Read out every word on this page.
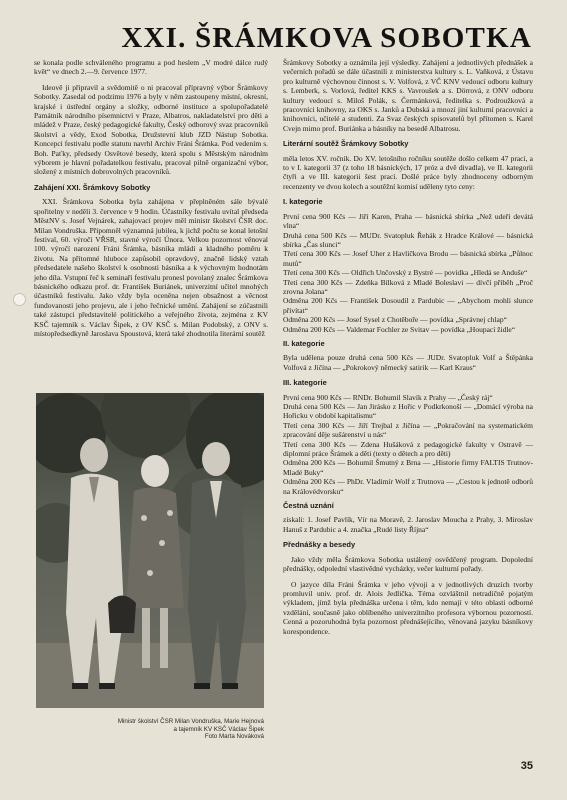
XXI. ŠRÁMKOVA SOBOTKA

se konala podle schváleného programu a pod heslem „V modré dálce rudý květ“ ve dnech 2.—9. července 1977.

Ideově ji připravil a svědomitě o ni pracoval přípravný výbor Šrámkovy Sobotky. Zasedal od podzimu 1976 a byly v něm zastoupeny místní, okresní, krajské i ústřední orgány a složky, odborné instituce a spolupořadatelé Památník národního písemnictví v Praze, Albatros, nakladatelství pro děti a mládež v Praze, český pedagogické fakulty, Český odborový svaz pracovníků školství a vědy, Exod Sobotka, Družstevní klub JZD Nástup Sobotka. Koncepci festivalu podle statutu navrhl Archiv Fráni Šrámka. Pod vedením s. Boh. Paťky, předsedy Osvětové besedy, která spolu s Městským národním výborem je hlavní pořadatelkou festivalu, pracoval pilně organizační výbor, složený z místních dobrovolných pracovníků.

Zahájení XXI. Šrámkovy Sobotky

XXI. Šrámkova Sobotka byla zahájena v přeplněném sále bývalé spořitelny v neděli 3. července v 9 hodin. Účastníky festivalu uvítal předseda MěstNV s. Josef Vejnárek, zahajovací projev měl ministr školství ČSR doc. Milan Vondruška. Připomněl významná jubilea, k jichž počtu se konal letošní festival, 60. výročí VŘSR, stavné výročí Února. Velkou pozornost věnoval 100. výročí narození Fráni Šrámka, básníka mládí a kladného poměru k životu. Na přítomné hluboce zapůsobil opravdový, značně lidský vztah předsedatele našeho školství k osobnosti básníka a k výchovným hodnotám jeho díla. Vstupní řeč k seminaři festivalu pronesl povolaný znalec Šrámkova básnického odkazu prof. dr. František Buriánek, univerzitní učitel mnohých účastníků festivalu. Jako vždy byla oceněna nejen obsažnost a věcnost fundovanosti jeho projevu, ale i jeho řečnické umění. Zahájení se zúčastnili také zástupci představitelé politického a veřejného života, zejména z KV KSČ tajemník s. Václav Šipek, z OV KSČ s. Milan Podobský, z ONV s. místopředsedkyně Jaroslava Spoustová, která také zhodnotila literární soutěž

Ministr školství ČSR Milan Vondruška, Marie Hejnová
a tajemník KV KSČ Václav Šipek
Foto Marta Nováková

Šrámkovy Sobotky a oznámila její výsledky. Zahájení a jednotlivých přednášek a večerních pořadů se dále účastnili z ministerstva kultury s. L. Vaňková, z Ústavu pro kulturně výchovnou činnost s. V. Volfová, z VČ KNV vedoucí odboru kultury s. Lemberk, s. Vorlová, ředitel KKS s. Vavroušek a s. Dörrová, z ONV odboru kultury vedoucí s. Miloš Polák, s. Čermánková, ředitelka s. Podroužková a pracovníci knihovny, za OKS s. Janků a Dubská a mnozí jiní kulturní pracovníci a knihovníci, učitelé a studenti. Za Svaz českých spisovatelů byl přítomen s. Karel Cvejn mimo prof. Buriánka a básníky na besedě Albatrosu.

Literární soutěž Šrámkovy Sobotky

měla letos XV. ročník. Do XV. letošního ročníku soutěže došlo celkem 47 prací, a to v I. kategorii 37 (z toho 18 básnických, 17 próz a dvě divadla), ve II. kategorii čtyři a ve III. kategorii šest prací. Došlé práce byly zhodnoceny odborným recenzenty ve dvou kolech a soutěžní komisí uděleny tyto ceny:

I. kategorie

První cena 900 Kčs — Jiří Karen, Praha — básnická sbírka „Než udeří devátá vlna“

Druhá cena 500 Kčs — MUDr. Svatopluk Řehák z Hradce Králové — básnická sbírka „Čas slunci“

Třetí cena 300 Kčs — Josef Uher z Havlíčkova Brodu — básnická sbírka „Půlnoc mutů“

Třetí cena 300 Kčs — Oldřich Unčovský z Bystré — povídka „Hledá se Anduše“

Třetí cena 300 Kčs — Zdeňka Bílková z Mladé Boleslavi — dívčí příběh „Proč zrovna Jolana“

Odměna 200 Kčs — František Dosoudil z Pardubic — „Abychom mohli slunce přivítat“

Odměna 200 Kčs — Josef Sysel z Chotěboře — povídka „Správnej chlap“

Odměna 200 Kčs — Valdemar Fochler ze Svitav — povídka „Houpací židle“

II. kategorie

Byla udělena pouze druhá cena 500 Kčs — JUDr. Svatopluk Volf a Štěpánka Volfová z Jičína — „Pokrokový německý satirik — Karl Kraus“

III. kategorie

První cena 900 Kčs — RNDr. Bohumil Slavík z Prahy — „Český ráj“

Druhá cena 500 Kčs — Jan Jirásko z Hořic v Podkrkonoší — „Domácí výroba na Hořicku v období kapitalismu“

Třetí cena 300 Kčs — Jiří Trejbal z Jičína — „Pokračování na systematickém zpracování děje sušárenství u nás“

Třetí cena 300 Kčs — Zdena Hušáková z pedagogické fakulty v Ostravě — diplomní práce Šrámek a děti (texty o dětech a pro děti)

Odměna 200 Kčs — Bohumil Šmutný z Brna — „Historie firmy FALTIS Trutnov-Mladé Buky“

Odměna 200 Kčs — PhDr. Vladimír Wolf z Trutnova — „Cestou k jednotě odborů na Královédvorsku“

Čestná uznání

získali: 1. Josef Pavlík, Vír na Moravě, 2. Jaroslav Moucha z Prahy, 3. Miroslav Hanuš z Pardubic a 4. značka „Rudé listy Října“

Přednášky a besedy

Jako vždy měla Šrámkova Sobotka ustálený osvědčený program. Dopolední přednášky, odpolední vlastivědné vycházky, večer kulturní pořady.

O jazyce díla Fráni Šrámka v jeho vývoji a v jednotlivých druzích tvorby promluvil univ. prof. dr. Alois Jedlička. Téma ozvláštnil netradičně pojatým výkladem, jímž byla přednáška určena i těm, kdo nemají v této oblasti odborné vzdělání, současně jako oblíbeného univerzitního profesora výbornou pozorností. Cenná a pozoruhodná byla pozornost přednášejícího, věnovaná jazyku básníkovy korespondence.

35
